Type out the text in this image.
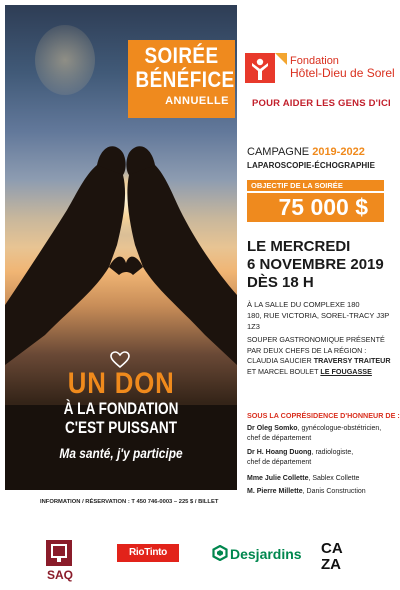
SOIRÉE
BÉNÉFICE
ANNUELLE
UN DON
À LA FONDATION
C'EST PUISSANT
Ma santé, j'y participe
Fondation
Hôtel-Dieu de Sorel
POUR AIDER LES GENS D'ICI
CAMPAGNE 2019-2022
LAPAROSCOPIE-ÉCHOGRAPHIE
OBJECTIF DE LA SOIRÉE
75 000 $
LE MERCREDI
6 NOVEMBRE 2019
DÈS 18 H
À LA SALLE DU COMPLEXE 180
180, RUE VICTORIA, SOREL-TRACY J3P 1Z3
SOUPER GASTRONOMIQUE PRÉSENTÉ
PAR DEUX CHEFS DE LA RÉGION :
CLAUDIA SAUCIER TRAVERSY TRAITEUR
ET MARCEL BOULET LE FOUGASSE
SOUS LA COPRÉSIDENCE D'HONNEUR DE :
Dr Oleg Somko, gynécologue-obstétricien,
chef de département
Dr H. Hoang Duong, radiologiste,
chef de département
Mme Julie Collette, Sablex Collette
M. Pierre Millette, Danis Construction
INFORMATION / RÉSERVATION : T 450 746-0003 – 225 $ / BILLET
SAQ
RioTinto	Desjardins CA
ZA
